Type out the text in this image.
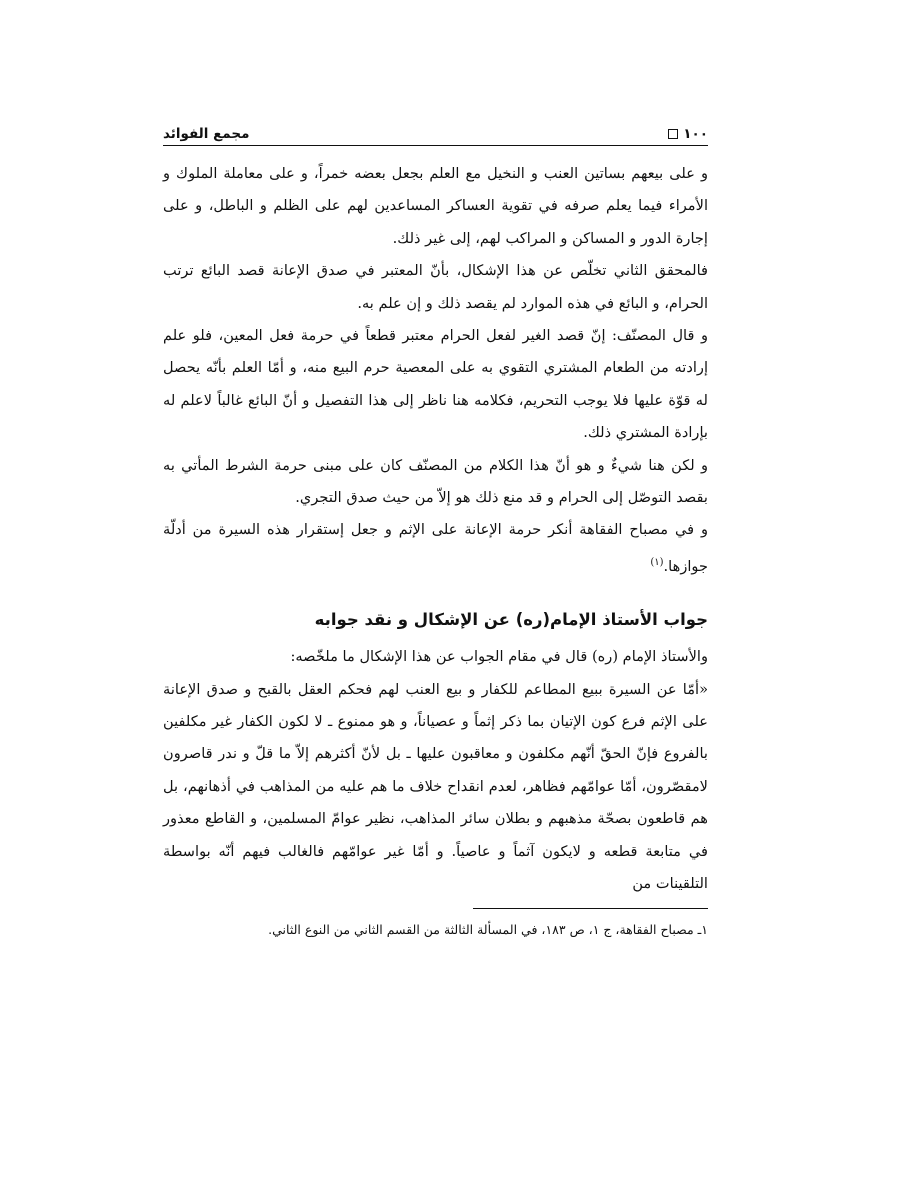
١٠٠
مجمع الفوائد

و على بيعهم بساتين العنب و النخيل مع العلم بجعل بعضه خمراً، و على معاملة الملوك و الأمراء فيما يعلم صرفه في تقوية العساكر المساعدين لهم على الظلم و الباطل، و على إجارة الدور و المساكن و المراكب لهم، إلى غير ذلك.

فالمحقق الثاني تخلّص عن هذا الإشكال، بأنّ المعتبر في صدق الإعانة قصد البائع ترتب الحرام، و البائع في هذه الموارد لم يقصد ذلك و إن علم به.

و قال المصنّف: إنّ قصد الغير لفعل الحرام معتبر قطعاً في حرمة فعل المعين، فلو علم إرادته من الطعام المشتري التقوي به على المعصية حرم البيع منه، و أمّا العلم بأنّه يحصل له قوّة عليها فلا يوجب التحريم، فكلامه هنا ناظر إلى هذا التفصيل و أنّ البائع غالباً لاعلم له بإرادة المشتري ذلك.

و لكن هنا شيءٌ و هو أنّ هذا الكلام من المصنّف كان على مبنى حرمة الشرط المأتي به بقصد التوصّل إلى الحرام و قد منع ذلك هو إلاّ من حيث صدق التجري.

و في مصباح الفقاهة أنكر حرمة الإعانة على الإثم و جعل إستقرار هذه السيرة من أدلّة جوازها.$^{(١)}$

جواب الأستاذ الإمام(ره) عن الإشكال و نقد جوابه

والأستاذ الإمام (ره) قال في مقام الجواب عن هذا الإشكال ما ملخّصه:

«أمّا عن السيرة ببيع المطاعم للكفار و بيع العنب لهم فحكم العقل بالقبح و صدق الإعانة على الإثم فرع كون الإتيان بما ذكر إثماً و عصياناً، و هو ممنوع ـ لا لكون الكفار غير مكلفين بالفروع فإنّ الحقّ أنّهم مكلفون و معاقبون عليها ـ بل لأنّ أكثرهم إلاّ ما قلّ و ندر قاصرون لامقصّرون، أمّا عوامّهم فظاهر، لعدم انقداح خلاف ما هم عليه من المذاهب في أذهانهم، بل هم قاطعون بصحّة مذهبهم و بطلان سائر المذاهب، نظير عوامّ المسلمين، و القاطع معذور في متابعة قطعه و لايكون آثماً و عاصياً. و أمّا غير عوامّهم فالغالب فيهم أنّه بواسطة التلقينات من

١ـ مصباح الفقاهة، ج ١، ص ١٨٣، في المسألة الثالثة من القسم الثاني من النوع الثاني.
